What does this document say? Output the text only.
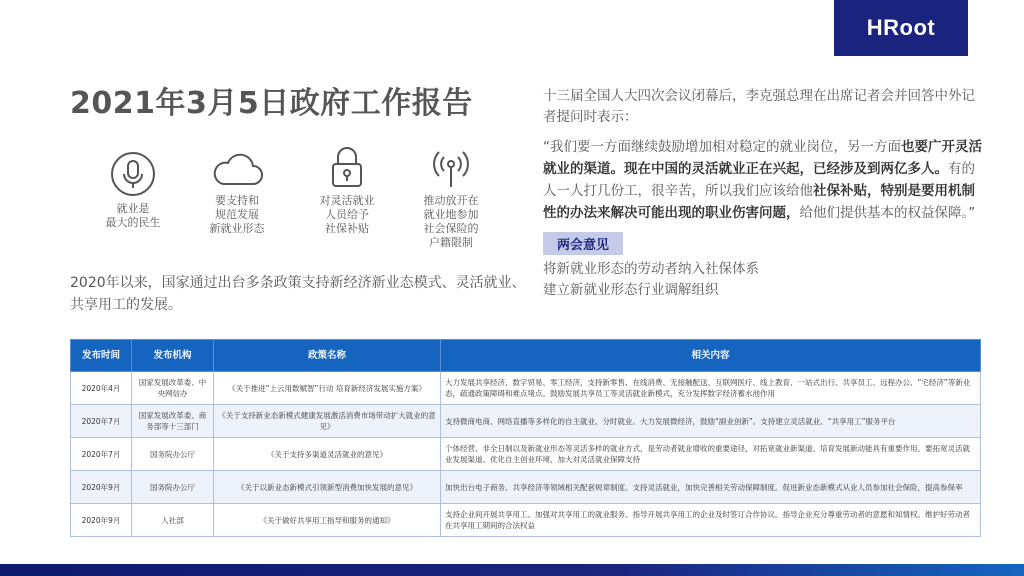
HRoot
2021年3月5日政府工作报告
就业是
最大的民生
要支持和
规范发展
新就业形态
对灵活就业
人员给予
社保补贴
推动放开在
就业地参加
社会保险的
户籍限制
2020年以来，国家通过出台多条政策支持新经济新业态模式、灵活就业、共享用工的发展。

十三届全国人大四次会议闭幕后，李克强总理在出席记者会并回答中外记者提问时表示：

“我们要一方面继续鼓励增加相对稳定的就业岗位，另一方面也要广开灵活就业的渠道。现在中国的灵活就业正在兴起，已经涉及到两亿多人。有的人一人打几份工，很辛苦，所以我们应该给他社保补贴，特别是要用机制性的办法来解决可能出现的职业伤害问题，给他们提供基本的权益保障。”

两会意见
将新就业形态的劳动者纳入社保体系
建立新就业形态行业调解组织
发布时间	发布机构	政策名称	相关内容
2020年4月	国家发展改革委、中央网信办	《关于推进“上云用数赋智”行动 培育新经济发展实施方案》	大力发展共享经济、数字贸易、零工经济，支持新零售、在线消费、无接触配送、互联网医疗、线上教育、一站式出行、共享员工、远程办公、“宅经济”等新业态，疏通政策障碍和难点堵点。鼓励发展共享员工等灵活就业新模式，充分发挥数字经济蓄水池作用
2020年7月	国家发展改革委、商务部等十三部门	《关于支持新业态新模式健康发展激活消费市场带动扩大就业的意见》	支持微商电商、网络直播等多样化的自主就业、分时就业。大力发展微经济，鼓励“副业创新”。支持建立灵活就业、“共享用工”服务平台
2020年7月	国务院办公厅	《关于支持多渠道灵活就业的意见》	个体经营、非全日制以及新就业形态等灵活多样的就业方式，是劳动者就业增收的重要途径，对拓宽就业新渠道、培育发展新动能具有重要作用。要拓宽灵活就业发展渠道、优化自主创业环境、加大对灵活就业保障支持
2020年9月	国务院办公厅	《关于以新业态新模式引领新型消费加快发展的意见》	加快出台电子商务、共享经济等领域相关配套规章制度。支持灵活就业，加快完善相关劳动保障制度。促进新业态新模式从业人员参加社会保险，提高参保率
2020年9月	人社部	《关于做好共享用工指导和服务的通知》	支持企业间开展共享用工。加强对共享用工的就业服务。指导开展共享用工的企业及时签订合作协议。指导企业充分尊重劳动者的意愿和知情权。维护好劳动者在共享用工期间的合法权益
